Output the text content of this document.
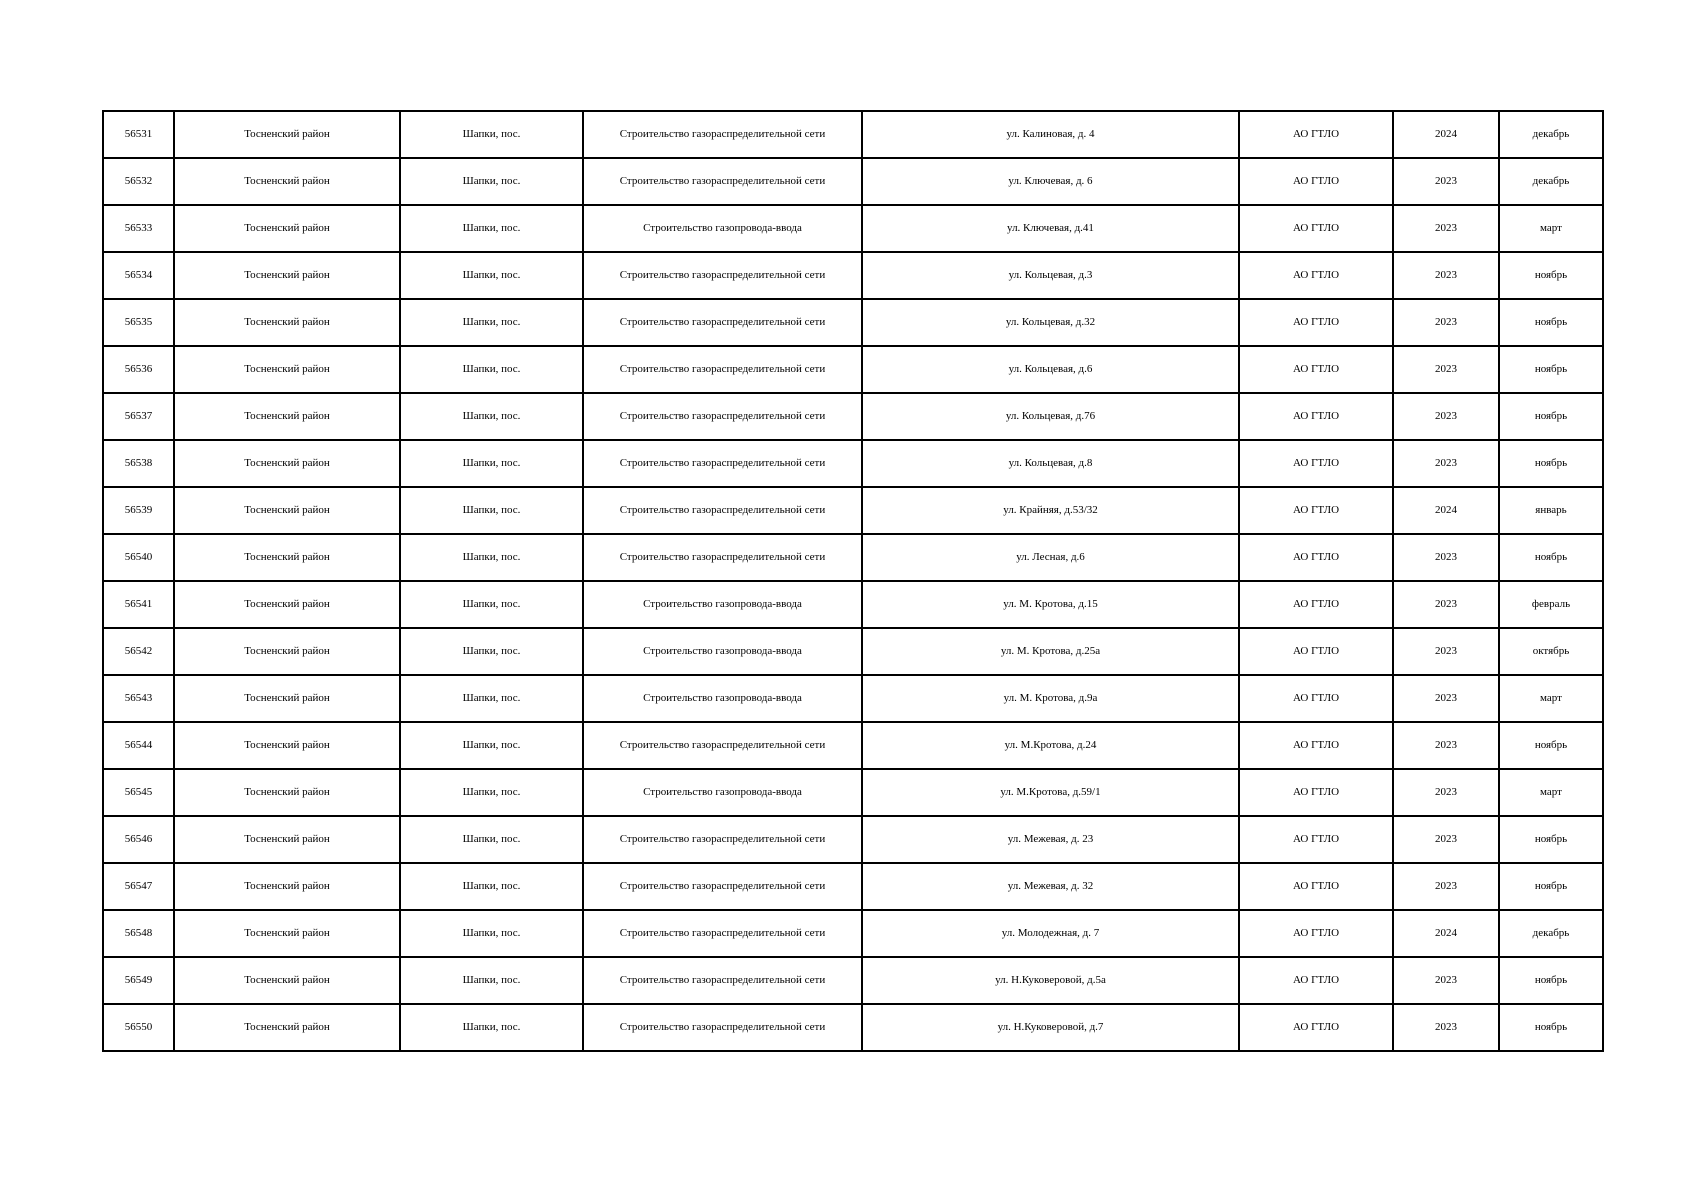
56531	Тосненский район	Шапки, пос.	Строительство газораспределительной сети	ул. Калиновая, д. 4	АО ГТЛО	2024	декабрь
56532	Тосненский район	Шапки, пос.	Строительство газораспределительной сети	ул. Ключевая, д. 6	АО ГТЛО	2023	декабрь
56533	Тосненский район	Шапки, пос.	Строительство газопровода-ввода	ул. Ключевая, д.41	АО ГТЛО	2023	март
56534	Тосненский район	Шапки, пос.	Строительство газораспределительной сети	ул. Кольцевая, д.3	АО ГТЛО	2023	ноябрь
56535	Тосненский район	Шапки, пос.	Строительство газораспределительной сети	ул. Кольцевая, д.32	АО ГТЛО	2023	ноябрь
56536	Тосненский район	Шапки, пос.	Строительство газораспределительной сети	ул. Кольцевая, д.6	АО ГТЛО	2023	ноябрь
56537	Тосненский район	Шапки, пос.	Строительство газораспределительной сети	ул. Кольцевая, д.76	АО ГТЛО	2023	ноябрь
56538	Тосненский район	Шапки, пос.	Строительство газораспределительной сети	ул. Кольцевая, д.8	АО ГТЛО	2023	ноябрь
56539	Тосненский район	Шапки, пос.	Строительство газораспределительной сети	ул. Крайняя, д.53/32	АО ГТЛО	2024	январь
56540	Тосненский район	Шапки, пос.	Строительство газораспределительной сети	ул. Лесная, д.6	АО ГТЛО	2023	ноябрь
56541	Тосненский район	Шапки, пос.	Строительство газопровода-ввода	ул. М. Кротова, д.15	АО ГТЛО	2023	февраль
56542	Тосненский район	Шапки, пос.	Строительство газопровода-ввода	ул. М. Кротова, д.25а	АО ГТЛО	2023	октябрь
56543	Тосненский район	Шапки, пос.	Строительство газопровода-ввода	ул. М. Кротова, д.9а	АО ГТЛО	2023	март
56544	Тосненский район	Шапки, пос.	Строительство газораспределительной сети	ул. М.Кротова, д.24	АО ГТЛО	2023	ноябрь
56545	Тосненский район	Шапки, пос.	Строительство газопровода-ввода	ул. М.Кротова, д.59/1	АО ГТЛО	2023	март
56546	Тосненский район	Шапки, пос.	Строительство газораспределительной сети	ул. Межевая, д. 23	АО ГТЛО	2023	ноябрь
56547	Тосненский район	Шапки, пос.	Строительство газораспределительной сети	ул. Межевая, д. 32	АО ГТЛО	2023	ноябрь
56548	Тосненский район	Шапки, пос.	Строительство газораспределительной сети	ул. Молодежная, д. 7	АО ГТЛО	2024	декабрь
56549	Тосненский район	Шапки, пос.	Строительство газораспределительной сети	ул. Н.Куковеровой, д.5а	АО ГТЛО	2023	ноябрь
56550	Тосненский район	Шапки, пос.	Строительство газораспределительной сети	ул. Н.Куковеровой, д.7	АО ГТЛО	2023	ноябрь
